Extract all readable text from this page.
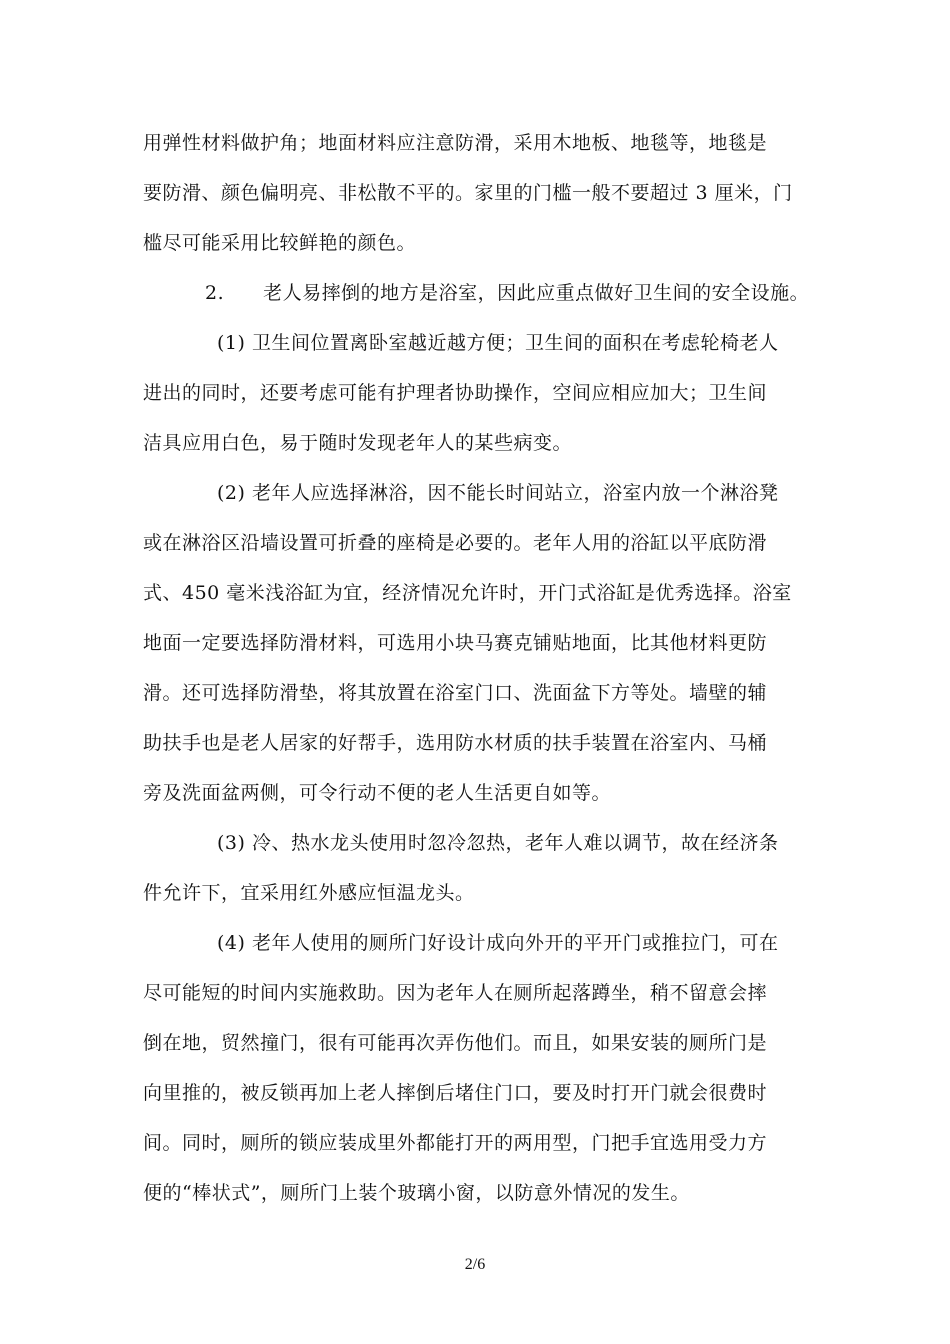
用弹性材料做护角；地面材料应注意防滑，采用木地板、地毯等，地毯是

要防滑、颜色偏明亮、非松散不平的。家里的门槛一般不要超过 3 厘米，门

槛尽可能采用比较鲜艳的颜色。

2.　　老人易摔倒的地方是浴室，因此应重点做好卫生间的安全设施。

(1) 卫生间位置离卧室越近越方便；卫生间的面积在考虑轮椅老人

进出的同时，还要考虑可能有护理者协助操作，空间应相应加大；卫生间

洁具应用白色，易于随时发现老年人的某些病变。

(2) 老年人应选择淋浴，因不能长时间站立，浴室内放一个淋浴凳

或在淋浴区沿墙设置可折叠的座椅是必要的。老年人用的浴缸以平底防滑

式、450 毫米浅浴缸为宜，经济情况允许时，开门式浴缸是优秀选择。浴室

地面一定要选择防滑材料，可选用小块马赛克铺贴地面，比其他材料更防

滑。还可选择防滑垫，将其放置在浴室门口、洗面盆下方等处。墙壁的辅

助扶手也是老人居家的好帮手，选用防水材质的扶手装置在浴室内、马桶

旁及洗面盆两侧，可令行动不便的老人生活更自如等。

(3) 冷、热水龙头使用时忽冷忽热，老年人难以调节，故在经济条

件允许下，宜采用红外感应恒温龙头。

(4) 老年人使用的厕所门好设计成向外开的平开门或推拉门，可在

尽可能短的时间内实施救助。因为老年人在厕所起落蹲坐，稍不留意会摔

倒在地，贸然撞门，很有可能再次弄伤他们。而且，如果安装的厕所门是

向里推的，被反锁再加上老人摔倒后堵住门口，要及时打开门就会很费时

间。同时，厕所的锁应装成里外都能打开的两用型，门把手宜选用受力方

便的“棒状式”，厕所门上装个玻璃小窗，以防意外情况的发生。

2/6
